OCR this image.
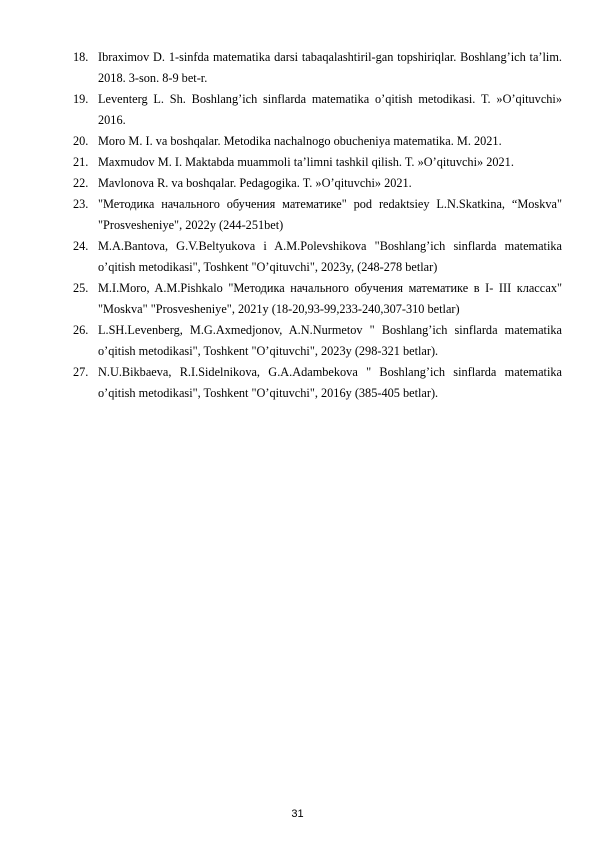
18. Ibraximov D. 1-sinfda matematika darsi tabaqalashtiril-gan topshiriqlar. Boshlang’ich ta’lim. 2018. 3-son. 8-9 bet-r.
19. Leventerg L. Sh. Boshlang’ich sinflarda matematika o’qitish metodikasi. T. »O’qituvchi» 2016.
20. Moro M. I. va boshqalar. Metodika nachalnogo obucheniya matematika. M. 2021.
21. Maxmudov M. I. Maktabda muammoli ta’limni tashkil qilish. T. »O’qituvchi» 2021.
22. Mavlonova R. va boshqalar. Pedagogika. T. »O’qituvchi» 2021.
23. "Методика начального обучения математике" pod redaktsiey L.N.Skatkina, “Moskva" "Prosvesheniye", 2022y (244-251bet)
24. M.A.Bantova, G.V.Beltyukova i A.M.Polevshikova "Boshlang’ich sinflarda matematika o’qitish metodikasi", Toshkent "O’qituvchi", 2023y, (248-278 betlar)
25. M.I.Moro, A.M.Pishkalo "Методика начального обучения математике в I- III классах" "Moskva" "Prosvesheniye", 2021y (18-20,93-99,233-240,307-310 betlar)
26. L.SH.Levenberg, M.G.Axmedjonov, A.N.Nurmetov " Boshlang’ich sinflarda matematika o’qitish metodikasi", Toshkent "O’qituvchi", 2023y (298-321 betlar).
27. N.U.Bikbaeva, R.I.Sidelnikova, G.A.Adambekova " Boshlang’ich sinflarda matematika o’qitish metodikasi", Toshkent "O’qituvchi", 2016y (385-405 betlar).
31
